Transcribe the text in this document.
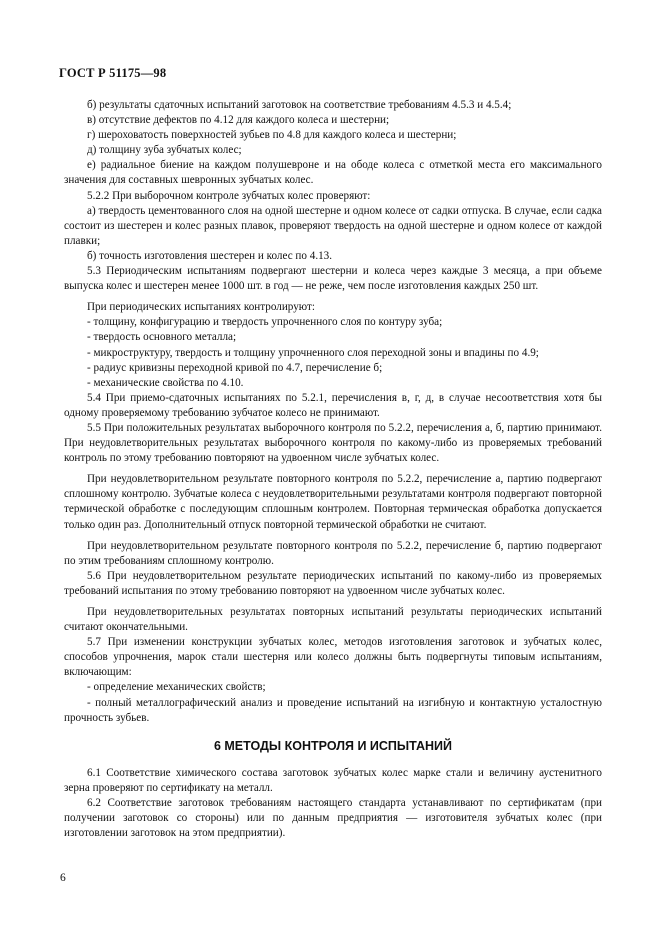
ГОСТ Р 51175—98

б) результаты сдаточных испытаний заготовок на соответствие требованиям 4.5.3 и 4.5.4;

в) отсутствие дефектов по 4.12 для каждого колеса и шестерни;

г) шероховатость поверхностей зубьев по 4.8 для каждого колеса и шестерни;

д) толщину зуба зубчатых колес;

е) радиальное биение на каждом полушевроне и на ободе колеса с отметкой места его максимального значения для составных шевронных зубчатых колес.

5.2.2 При выборочном контроле зубчатых колес проверяют:

а) твердость цементованного слоя на одной шестерне и одном колесе от садки отпуска. В случае, если садка состоит из шестерен и колес разных плавок, проверяют твердость на одной шестерне и одном колесе от каждой плавки;

б) точность изготовления шестерен и колес по 4.13.

5.3 Периодическим испытаниям подвергают шестерни и колеса через каждые 3 месяца, а при объеме выпуска колес и шестерен менее 1000 шт. в год — не реже, чем после изготовления каждых 250 шт.

При периодических испытаниях контролируют:

- толщину, конфигурацию и твердость упрочненного слоя по контуру зуба;

- твердость основного металла;

- микроструктуру, твердость и толщину упрочненного слоя переходной зоны и впадины по 4.9;

- радиус кривизны переходной кривой по 4.7, перечисление б;

- механические свойства по 4.10.

5.4 При приемо-сдаточных испытаниях по 5.2.1, перечисления в, г, д, в случае несоответствия хотя бы одному проверяемому требованию зубчатое колесо не принимают.

5.5 При положительных результатах выборочного контроля по 5.2.2, перечисления а, б, партию принимают. При неудовлетворительных результатах выборочного контроля по какому-либо из проверяемых требований контроль по этому требованию повторяют на удвоенном числе зубчатых колес.

При неудовлетворительном результате повторного контроля по 5.2.2, перечисление а, партию подвергают сплошному контролю. Зубчатые колеса с неудовлетворительными результатами контроля подвергают повторной термической обработке с последующим сплошным контролем. Повторная термическая обработка допускается только один раз. Дополнительный отпуск повторной термической обработки не считают.

При неудовлетворительном результате повторного контроля по 5.2.2, перечисление б, партию подвергают по этим требованиям сплошному контролю.

5.6 При неудовлетворительном результате периодических испытаний по какому-либо из проверяемых требований испытания по этому требованию повторяют на удвоенном числе зубчатых колес.

При неудовлетворительных результатах повторных испытаний результаты периодических испытаний считают окончательными.

5.7 При изменении конструкции зубчатых колес, методов изготовления заготовок и зубчатых колес, способов упрочнения, марок стали шестерня или колесо должны быть подвергнуты типовым испытаниям, включающим:

- определение механических свойств;

- полный металлографический анализ и проведение испытаний на изгибную и контактную усталостную прочность зубьев.

6 МЕТОДЫ КОНТРОЛЯ И ИСПЫТАНИЙ

6.1 Соответствие химического состава заготовок зубчатых колес марке стали и величину аустенитного зерна проверяют по сертификату на металл.

6.2 Соответствие заготовок требованиям настоящего стандарта устанавливают по сертификатам (при получении заготовок со стороны) или по данным предприятия — изготовителя зубчатых колес (при изготовлении заготовок на этом предприятии).

6
